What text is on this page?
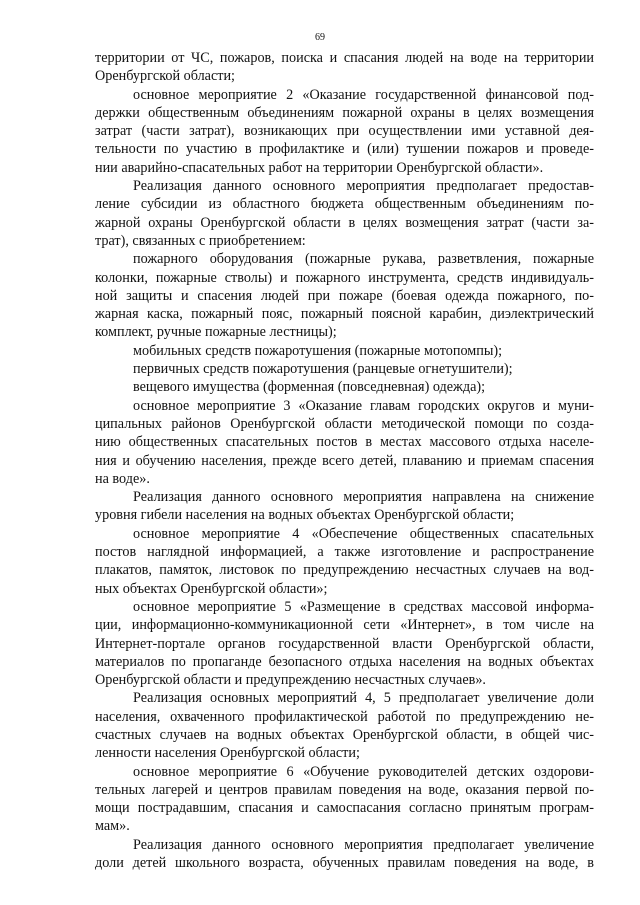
69
территории от ЧС, пожаров, поиска и спасания людей на воде на территории
Оренбургской области;
основное мероприятие 2 «Оказание государственной финансовой под-
держки общественным объединениям пожарной охраны в целях возмещения
затрат (части затрат), возникающих при осуществлении ими уставной дея-
тельности по участию в профилактике и (или) тушении пожаров и проведе-
нии аварийно-спасательных работ на территории Оренбургской области».
Реализация данного основного мероприятия предполагает предостав-
ление субсидии из областного бюджета общественным объединениям по-
жарной охраны Оренбургской области в целях возмещения затрат (части за-
трат), связанных с приобретением:
пожарного оборудования (пожарные рукава, разветвления, пожарные
колонки, пожарные стволы) и пожарного инструмента, средств индивидуаль-
ной защиты и спасения людей при пожаре (боевая одежда пожарного, по-
жарная каска, пожарный пояс, пожарный поясной карабин, диэлектрический
комплект, ручные пожарные лестницы);
мобильных средств пожаротушения (пожарные мотопомпы);
первичных средств пожаротушения (ранцевые огнетушители);
вещевого имущества (форменная (повседневная) одежда);
основное мероприятие 3 «Оказание главам городских округов и муни-
ципальных районов Оренбургской области методической помощи по созда-
нию общественных спасательных постов в местах массового отдыха населе-
ния и обучению населения, прежде всего детей, плаванию и приемам спасения
на воде».
Реализация данного основного мероприятия направлена на снижение
уровня гибели населения на водных объектах Оренбургской области;
основное мероприятие 4 «Обеспечение общественных спасательных
постов наглядной информацией, а также изготовление и распространение
плакатов, памяток, листовок по предупреждению несчастных случаев на вод-
ных объектах Оренбургской области»;
основное мероприятие 5 «Размещение в средствах массовой информа-
ции, информационно-коммуникационной сети «Интернет», в том числе на
Интернет-портале органов государственной власти Оренбургской области,
материалов по пропаганде безопасного отдыха населения на водных объектах
Оренбургской области и предупреждению несчастных случаев».
Реализация основных мероприятий 4, 5 предполагает увеличение доли
населения, охваченного профилактической работой по предупреждению не-
счастных случаев на водных объектах Оренбургской области, в общей чис-
ленности населения Оренбургской области;
основное мероприятие 6 «Обучение руководителей детских оздорови-
тельных лагерей и центров правилам поведения на воде, оказания первой по-
мощи пострадавшим, спасания и самоспасания согласно принятым програм-
мам».
Реализация данного основного мероприятия предполагает увеличение
доли детей школьного возраста, обученных правилам поведения на воде, в
